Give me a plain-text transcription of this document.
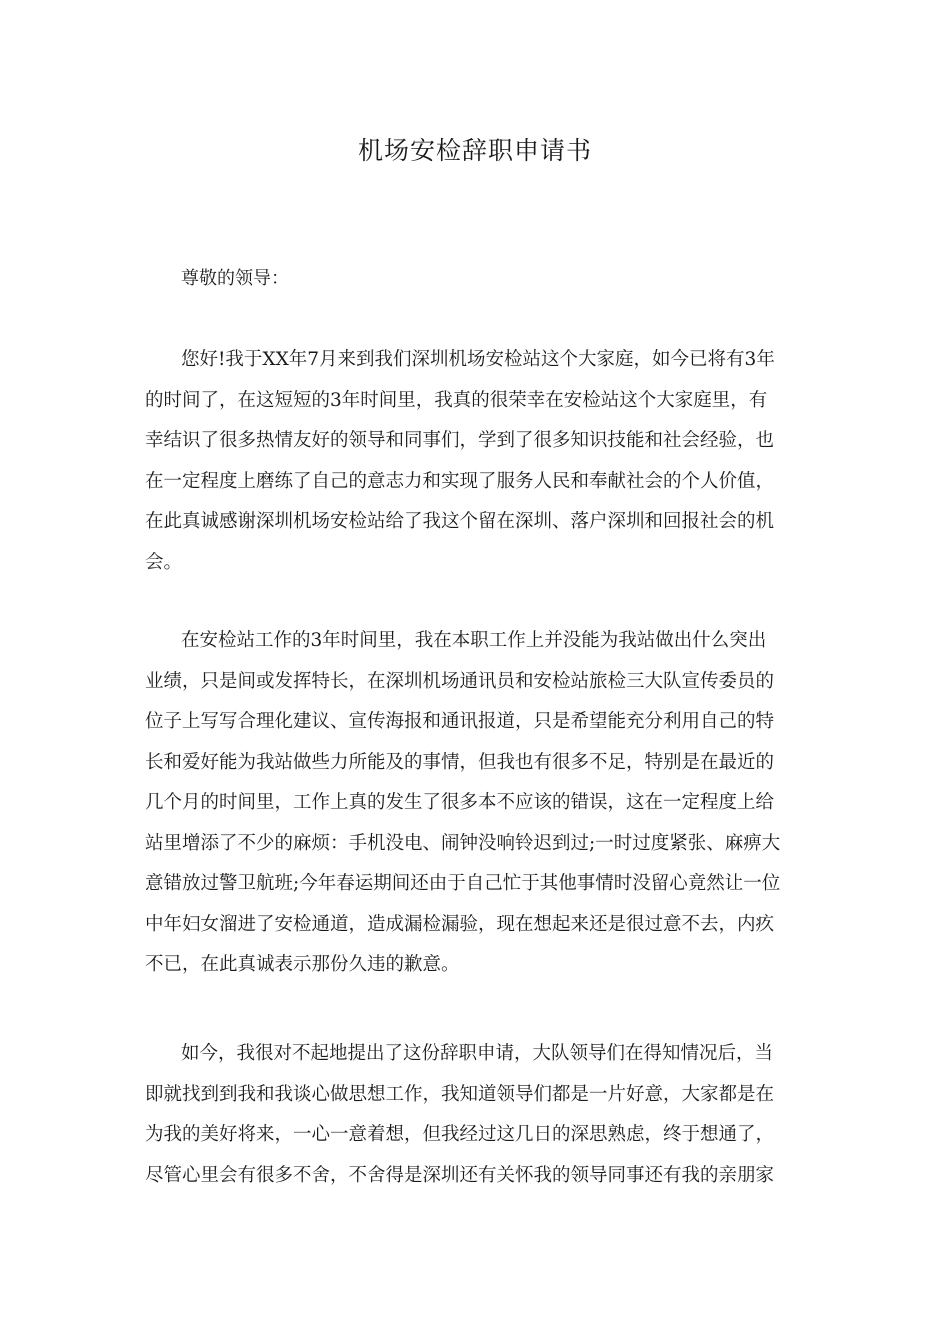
机场安检辞职申请书
尊敬的领导：
您好!我于XX年7月来到我们深圳机场安检站这个大家庭，如今已将有3年
的时间了，在这短短的3年时间里，我真的很荣幸在安检站这个大家庭里，有
幸结识了很多热情友好的领导和同事们，学到了很多知识技能和社会经验，也
在一定程度上磨练了自己的意志力和实现了服务人民和奉献社会的个人价值，
在此真诚感谢深圳机场安检站给了我这个留在深圳、落户深圳和回报社会的机
会。
在安检站工作的3年时间里，我在本职工作上并没能为我站做出什么突出
业绩，只是间或发挥特长，在深圳机场通讯员和安检站旅检三大队宣传委员的
位子上写写合理化建议、宣传海报和通讯报道，只是希望能充分利用自己的特
长和爱好能为我站做些力所能及的事情，但我也有很多不足，特别是在最近的
几个月的时间里，工作上真的发生了很多本不应该的错误，这在一定程度上给
站里增添了不少的麻烦：手机没电、闹钟没响铃迟到过;一时过度紧张、麻痹大
意错放过警卫航班;今年春运期间还由于自己忙于其他事情时没留心竟然让一位
中年妇女溜进了安检通道，造成漏检漏验，现在想起来还是很过意不去，内疚
不已，在此真诚表示那份久违的歉意。
如今，我很对不起地提出了这份辞职申请，大队领导们在得知情况后，当
即就找到到我和我谈心做思想工作，我知道领导们都是一片好意，大家都是在
为我的美好将来，一心一意着想，但我经过这几日的深思熟虑，终于想通了，
尽管心里会有很多不舍，不舍得是深圳还有关怀我的领导同事还有我的亲朋家
